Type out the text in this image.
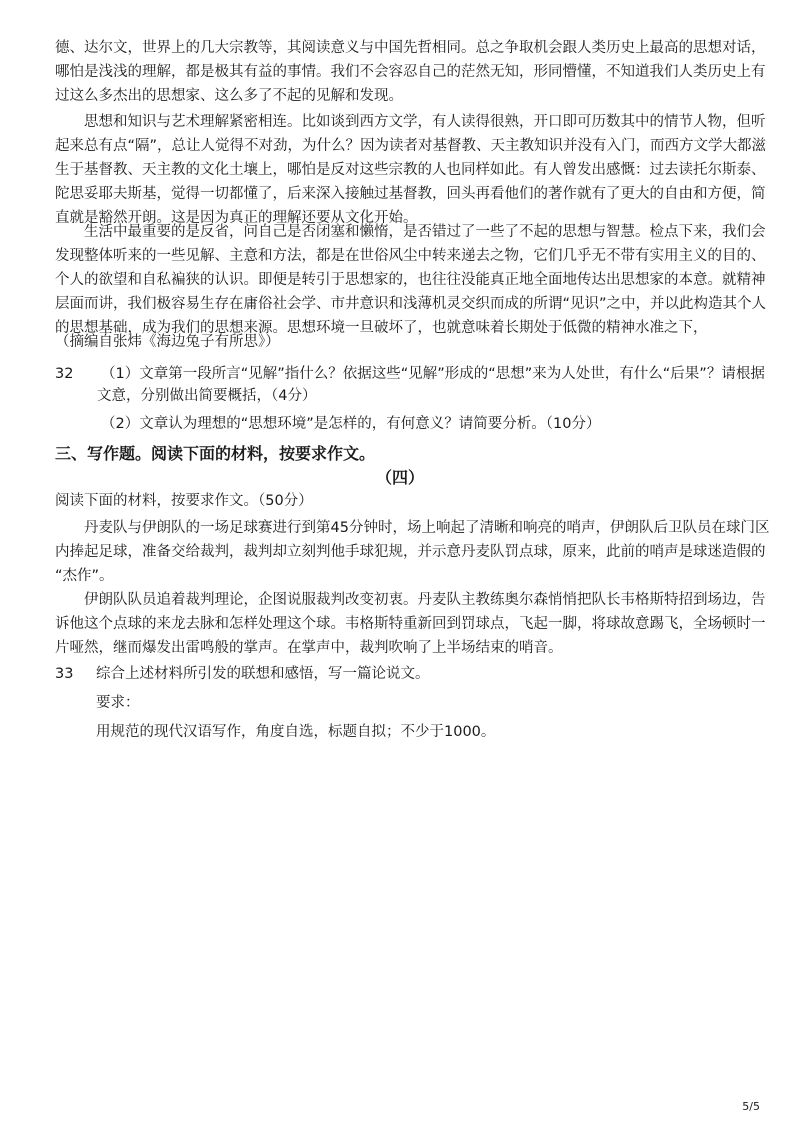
德、达尔文，世界上的几大宗教等，其阅读意义与中国先哲相同。总之争取机会跟人类历史上最高的思想对话，
哪怕是浅浅的理解，都是极其有益的事情。我们不会容忍自己的茫然无知，形同懵懂，不知道我们人类历史上有
过这么多杰出的思想家、这么多了不起的见解和发现。
思想和知识与艺术理解紧密相连。比如谈到西方文学，有人读得很熟，开口即可历数其中的情节人物，但听
起来总有点“隔”，总让人觉得不对劲，为什么？因为读者对基督教、天主教知识并没有入门，而西方文学大都滋
生于基督教、天主教的文化土壤上，哪怕是反对这些宗教的人也同样如此。有人曾发出感慨：过去读托尔斯泰、
陀思妥耶夫斯基，觉得一切都懂了，后来深入接触过基督教，回头再看他们的著作就有了更大的自由和方便，简
直就是豁然开朗。这是因为真正的理解还要从文化开始。
生活中最重要的是反省，问自己是否闭塞和懒惰，是否错过了一些了不起的思想与智慧。检点下来，我们会
发现整体听来的一些见解、主意和方法，都是在世俗风尘中转来递去之物，它们几乎无不带有实用主义的目的、
个人的欲望和自私褊狭的认识。即便是转引于思想家的，也往往没能真正地全面地传达出思想家的本意。就精神
层面而讲，我们极容易生存在庸俗社会学、市井意识和浅薄机灵交织而成的所谓“见识”之中，并以此构造其个人
的思想基础，成为我们的思想来源。思想环境一旦破坏了，也就意味着长期处于低微的精神水准之下，
（摘编自张炜《海边兔子有所思》）
32 （1）文章第一段所言“见解”指什么？依据这些“见解”形成的“思想”来为人处世，有什么“后果”？请根据
文意，分别做出简要概括，（4分）
（2）文章认为理想的“思想环境”是怎样的，有何意义？请简要分析。（10分）
三、写作题。阅读下面的材料，按要求作文。
（四）
阅读下面的材料，按要求作文。（50分）
丹麦队与伊朗队的一场足球赛进行到第45分钟时，场上响起了清晰和响亮的哨声，伊朗队后卫队员在球门区
内捧起足球，准备交给裁判，裁判却立刻判他手球犯规，并示意丹麦队罚点球，原来，此前的哨声是球迷造假的
“杰作”。
伊朗队队员追着裁判理论，企图说服裁判改变初衷。丹麦队主教练奥尔森悄悄把队长韦格斯特招到场边，告
诉他这个点球的来龙去脉和怎样处理这个球。韦格斯特重新回到罚球点，飞起一脚，将球故意踢飞，全场顿时一
片哑然，继而爆发出雷鸣般的掌声。在掌声中，裁判吹响了上半场结束的哨音。
33 综合上述材料所引发的联想和感悟，写一篇论说文。
要求：
用规范的现代汉语写作，角度自选，标题自拟；不少于1000。
5/5
